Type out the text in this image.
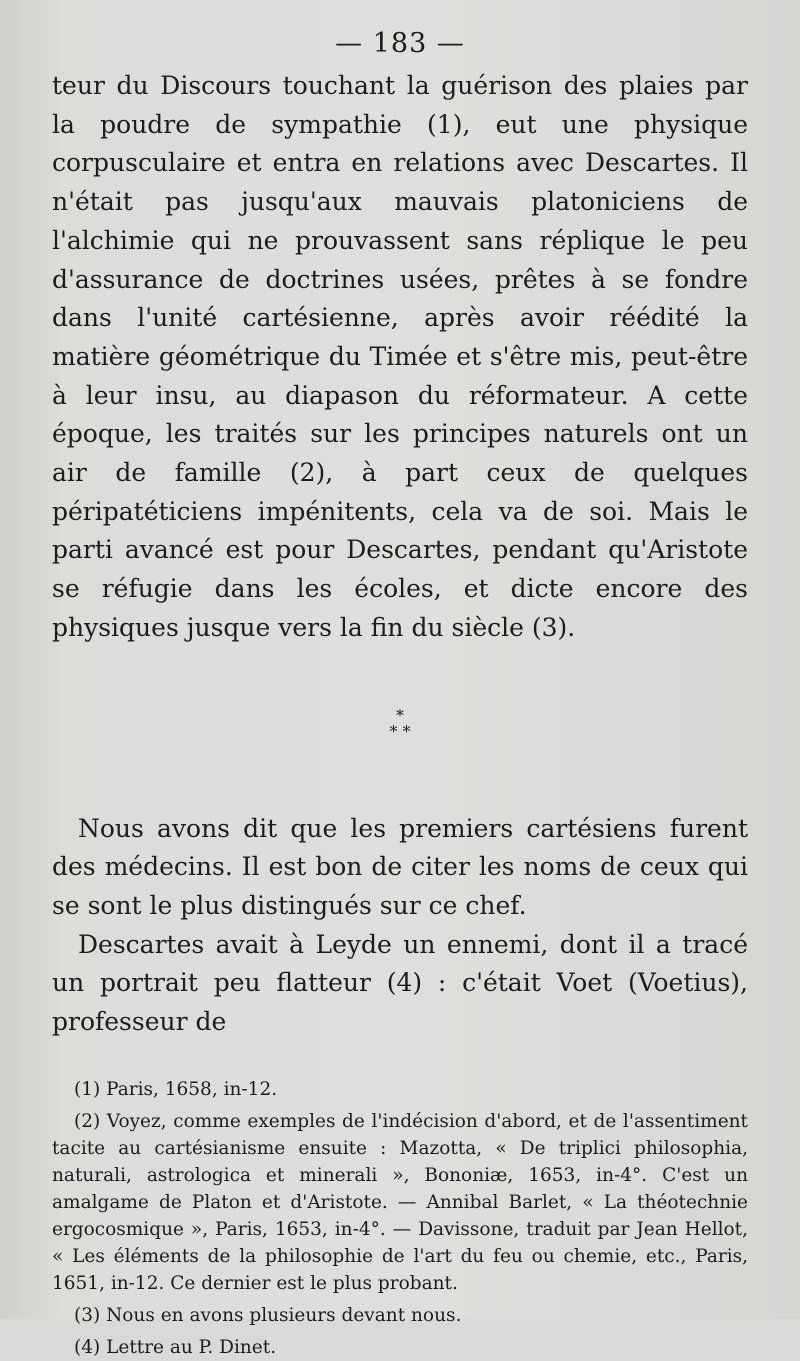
— 183 —

teur du Discours touchant la guérison des plaies par la poudre de sympathie (1), eut une physique corpusculaire et entra en relations avec Descartes. Il n'était pas jusqu'aux mauvais platoniciens de l'alchimie qui ne prouvassent sans réplique le peu d'assurance de doctrines usées, prêtes à se fondre dans l'unité cartésienne, après avoir réédité la matière géométrique du Timée et s'être mis, peut-être à leur insu, au diapason du réformateur. A cette époque, les traités sur les principes naturels ont un air de famille (2), à part ceux de quelques péripatéticiens impénitents, cela va de soi. Mais le parti avancé est pour Descartes, pendant qu'Aristote se réfugie dans les écoles, et dicte encore des physiques jusque vers la fin du siècle (3).

*
* *

Nous avons dit que les premiers cartésiens furent des médecins. Il est bon de citer les noms de ceux qui se sont le plus distingués sur ce chef.

Descartes avait à Leyde un ennemi, dont il a tracé un portrait peu flatteur (4) : c'était Voet (Voetius), professeur de

(1) Paris, 1658, in-12.

(2) Voyez, comme exemples de l'indécision d'abord, et de l'assentiment tacite au cartésianisme ensuite : Mazotta, « De triplici philosophia, naturali, astrologica et minerali », Bononiæ, 1653, in-4°. C'est un amalgame de Platon et d'Aristote. — Annibal Barlet, « La théotechnie ergocosmique », Paris, 1653, in-4°. — Davissone, traduit par Jean Hellot, « Les éléments de la philosophie de l'art du feu ou chemie, etc., Paris, 1651, in-12. Ce dernier est le plus probant.

(3) Nous en avons plusieurs devant nous.

(4) Lettre au P. Dinet.
